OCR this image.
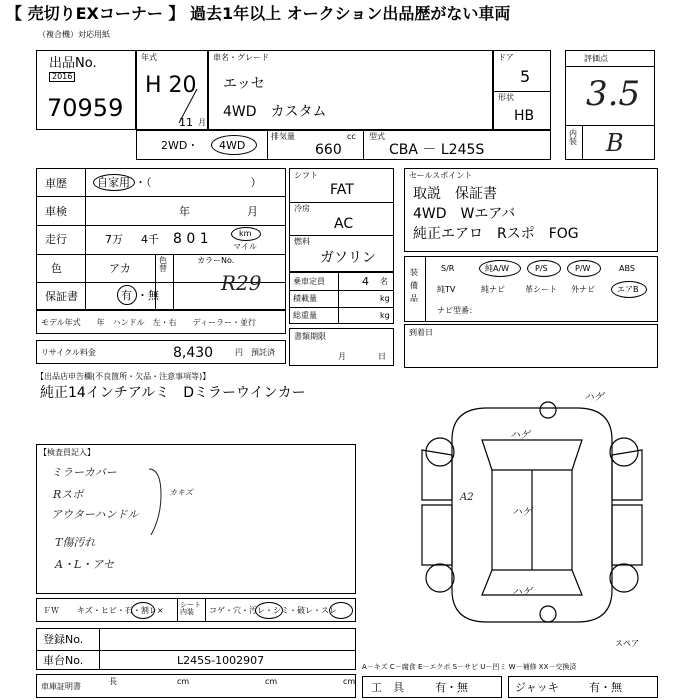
【 売切りEXコーナー 】 過去1年以上 オークション出品歴がない車両
（複合機）対応用紙
出品No.
2016
70959
年式
H 20
11 月
車名・グレード
エッセ
4WD　カスタム
ドア
5
形状
HB
評価点
3.5
内装 B
2WD・ 4WD
排気量
660
cc 型式
CBA － L245S
車歴	自家用 ・（　　　　　　　　　）
車検	年	月
走行	7万 4千 8 0 1	km
マイル
色	アカ
色替
カラーNo.
R29
保証書	有 ・無
モデル年式　　年　ハンドル　左・右　　ディーラー・並行
リサイクル料金	8,430	円　預託済
シフト
FAT
冷房
AC
燃料
ガソリン
乗車定員	4 名
積載量	kg
総重量	kg
書類期限
月	日
セールスポイント
取説　保証書
4WD　Wエアバ
純正エアロ　Rスポ　FOG
装備品
S/R	純A/W	P/S	P/W	ABS
純TV	純ナビ	革シート 外ナビ	エアB
ナビ型番：
到着日
【出品店申告欄(不良箇所・欠品・注意事項等)】
純正14インチアルミ　Dミラーウインカー
【検査員記入】
ミラーカバー
Rスポ
アウターハンドル
T傷汚れ
A・L・アセ
カキズ
ＦＷ キズ・ヒビ・石・割レ×
シート内装	コゲ・穴・汚レ・シミ・破レ・スレ
登録No.
車台No.	L245S-1002907
車庫証明書
長	cm	cm	cm
ハゲ
ハゲ
A2
ハゲ
ハゲ
スペア
A－キズ C－腐食 E－エクボ S－サビ U－凹ミ W－補修 XX－交換済
工　具	有・無	ジャッキ	有・無
